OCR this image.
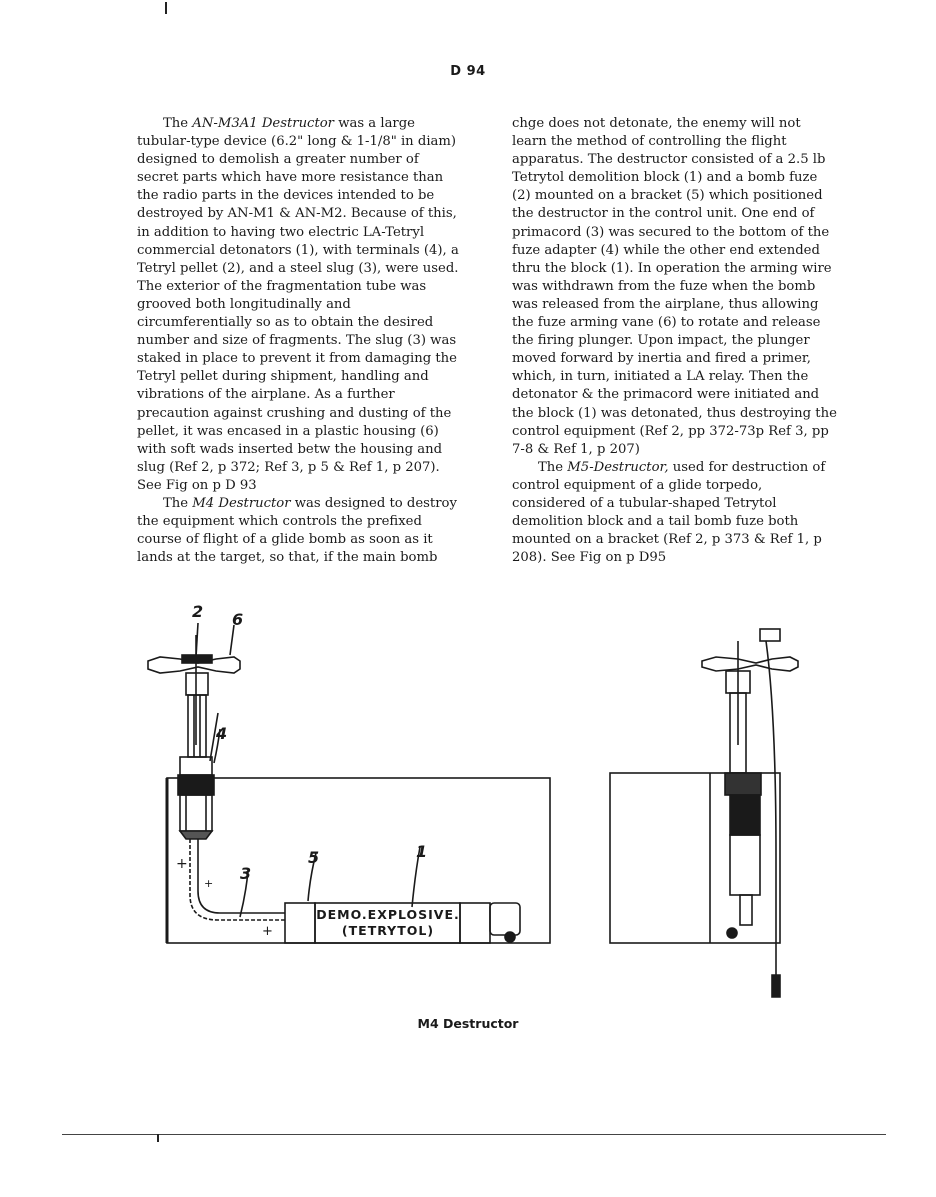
D 94

The AN-M3A1 Destructor was a large tubular-type device (6.2" long & 1-1/8" in diam) designed to demolish a greater number of secret parts which have more resistance than the radio parts in the devices intended to be destroyed by AN-M1 & AN-M2. Because of this, in addition to having two electric LA-Tetryl commercial detonators (1), with terminals (4), a Tetryl pellet (2), and a steel slug (3), were used. The exterior of the fragmentation tube was grooved both longitudinally and circumferentially so as to obtain the desired number and size of fragments. The slug (3) was staked in place to prevent it from damaging the Tetryl pellet during shipment, handling and vibrations of the airplane. As a further precaution against crushing and dusting of the pellet, it was encased in a plastic housing (6) with soft wads inserted betw the housing and slug (Ref 2, p 372; Ref 3, p 5 & Ref 1, p 207). See Fig on p D 93

The M4 Destructor was designed to destroy the equipment which controls the prefixed course of flight of a glide bomb as soon as it lands at the target, so that, if the main bomb

chge does not detonate, the enemy will not learn the method of controlling the flight apparatus. The destructor consisted of a 2.5 lb Tetrytol demolition block (1) and a bomb fuze (2) mounted on a bracket (5) which positioned the destructor in the control unit. One end of primacord (3) was secured to the bottom of the fuze adapter (4) while the other end extended thru the block (1). In operation the arming wire was withdrawn from the fuze when the bomb was released from the airplane, thus allowing the fuze arming vane (6) to rotate and release the firing plunger. Upon impact, the plunger moved forward by inertia and fired a primer, which, in turn, initiated a LA relay. Then the detonator & the primacord were initiated and the block (1) was detonated, thus destroying the control equipment (Ref 2, pp 372-73p Ref 3, pp 7-8 & Ref 1, p 207)

The M5-Destructor, used for destruction of control equipment of a glide torpedo, considered of a tubular-shaped Tetrytol demolition block and a tail bomb fuze both mounted on a bracket (Ref 2, p 373 & Ref 1, p 208). See Fig on p D95

+
+
+
2 6
4
5	1
3
DEMO.EXPLOSIVE.
(TETRYTOL)
M4 Destructor
